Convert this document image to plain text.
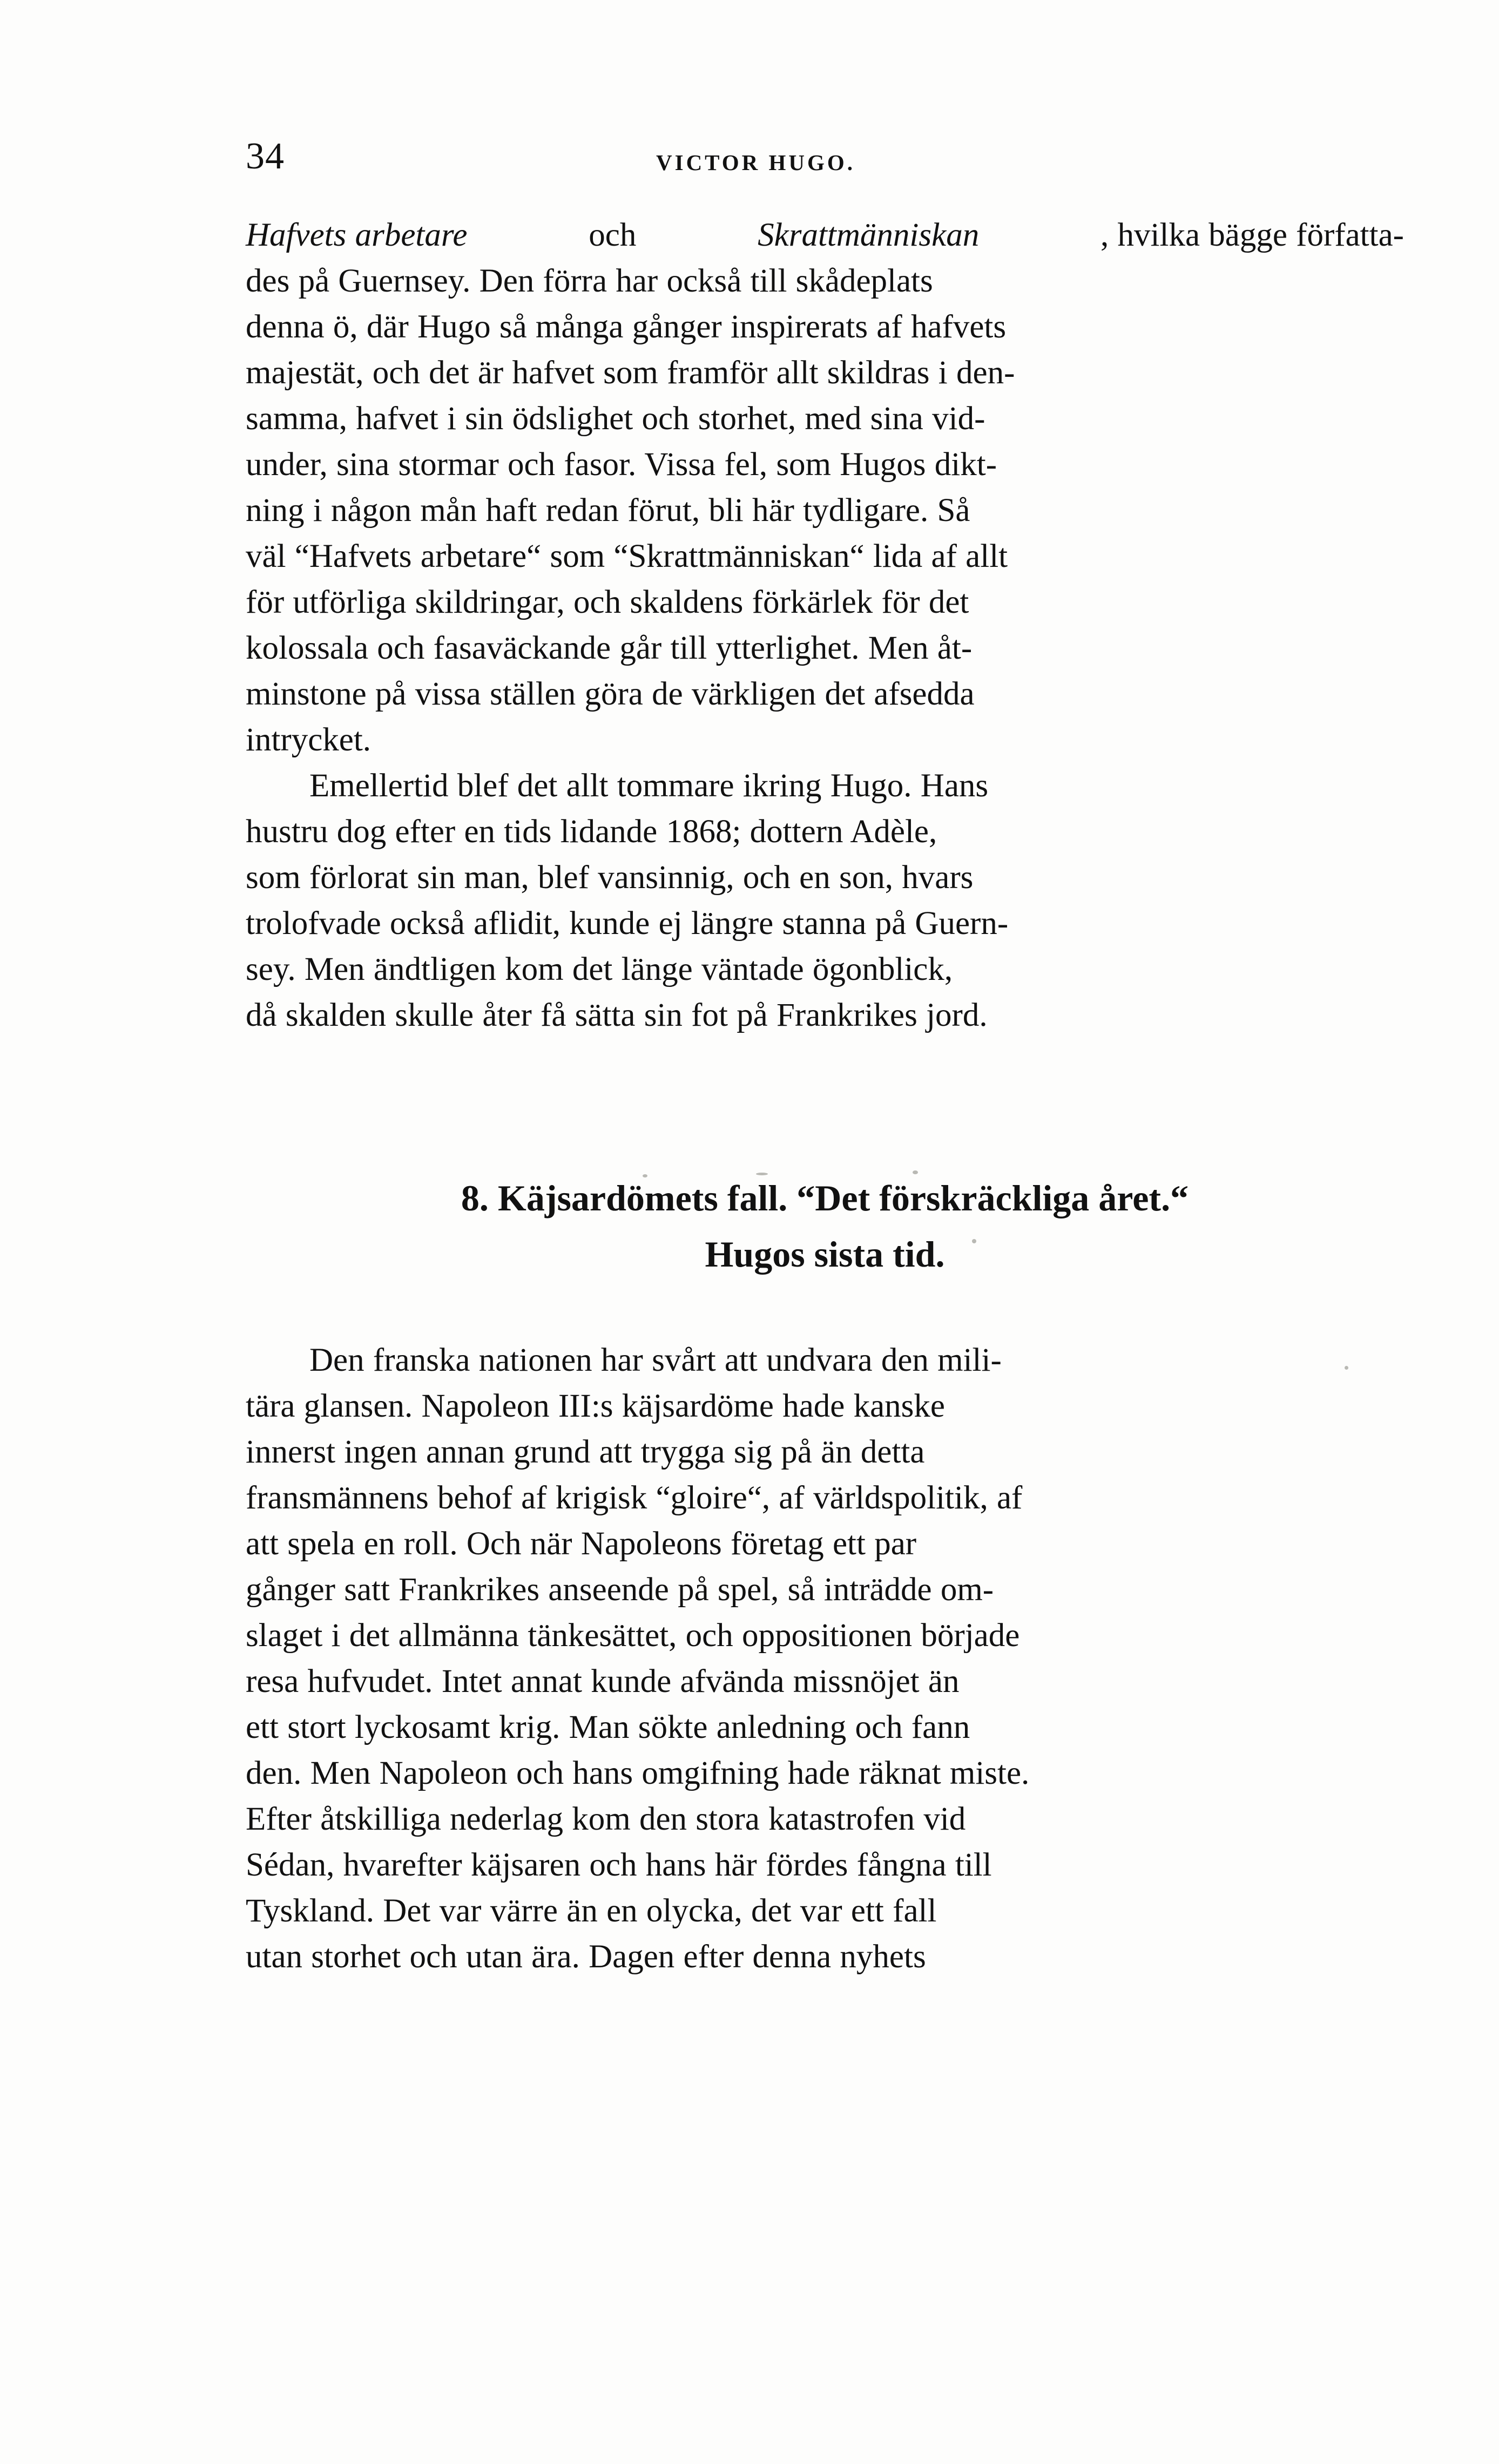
34	VICTOR HUGO.
Hafvets arbetare	och	Skrattmänniskan	, hvilka bägge författa-
des på Guernsey. Den förra har också till skådeplats
denna ö, där Hugo så många gånger inspirerats af hafvets
majestät, och det är hafvet som framför allt skildras i den-
samma, hafvet i sin ödslighet och storhet, med sina vid-
under, sina stormar och fasor. Vissa fel, som Hugos dikt-
ning i någon mån haft redan förut, bli här tydligare. Så
väl “Hafvets arbetare“ som “Skrattmänniskan“ lida af allt
för utförliga skildringar, och skaldens förkärlek för det
kolossala och fasaväckande går till ytterlighet. Men åt-
minstone på vissa ställen göra de värkligen det afsedda
intrycket.
Emellertid blef det allt tommare ikring Hugo. Hans
hustru dog efter en tids lidande 1868; dottern Adèle,
som förlorat sin man, blef vansinnig, och en son, hvars
trolofvade också aflidit, kunde ej längre stanna på Guern-
sey. Men ändtligen kom det länge väntade ögonblick,
då skalden skulle åter få sätta sin fot på Frankrikes jord.
8. Käjsardömets fall. “Det förskräckliga året.“
Hugos sista tid.
Den franska nationen har svårt att undvara den mili-
tära glansen. Napoleon III:s käjsardöme hade kanske
innerst ingen annan grund att trygga sig på än detta
fransmännens behof af krigisk “gloire“, af världspolitik, af
att spela en roll. Och när Napoleons företag ett par
gånger satt Frankrikes anseende på spel, så inträdde om-
slaget i det allmänna tänkesättet, och oppositionen började
resa hufvudet. Intet annat kunde afvända missnöjet än
ett stort lyckosamt krig. Man sökte anledning och fann
den. Men Napoleon och hans omgifning hade räknat miste.
Efter åtskilliga nederlag kom den stora katastrofen vid
Sédan, hvarefter käjsaren och hans här fördes fångna till
Tyskland. Det var värre än en olycka, det var ett fall
utan storhet och utan ära. Dagen efter denna nyhets
